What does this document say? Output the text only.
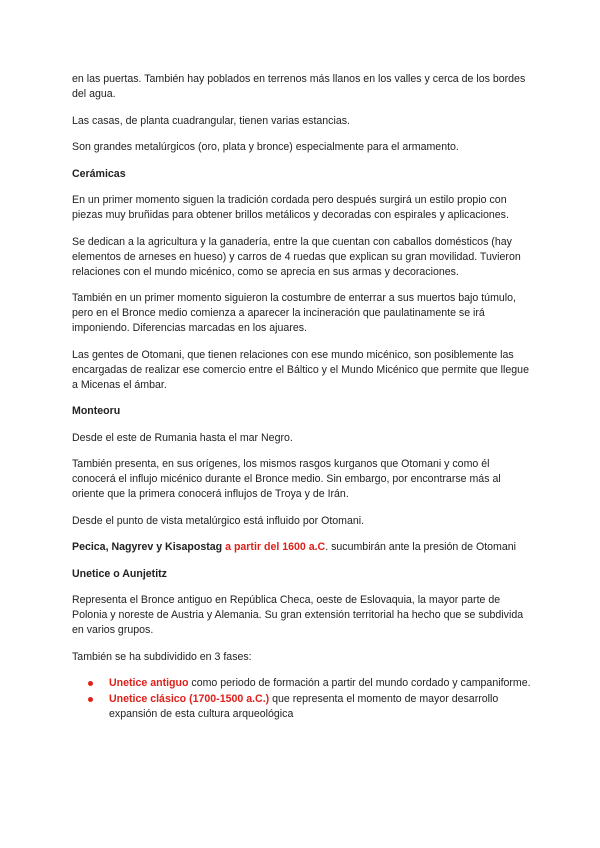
en las puertas. También hay poblados en terrenos más llanos en los valles y cerca de los bordes del agua.

Las casas, de planta cuadrangular, tienen varias estancias.

Son grandes metalúrgicos (oro, plata y bronce) especialmente para el armamento.

Cerámicas

En un primer momento siguen la tradición cordada pero después surgirá un estilo propio con piezas muy bruñidas para obtener brillos metálicos y decoradas con espirales y aplicaciones.

Se dedican a la agricultura y la ganadería, entre la que cuentan con caballos domésticos (hay elementos de arneses en hueso) y carros de 4 ruedas que explican su gran movilidad. Tuvieron relaciones con el mundo micénico, como se aprecia en sus armas y decoraciones.

También en un primer momento siguieron la costumbre de enterrar a sus muertos bajo túmulo, pero en el Bronce medio comienza a aparecer la incineración que paulatinamente se irá imponiendo. Diferencias marcadas en los ajuares.

Las gentes de Otomani, que tienen relaciones con ese mundo micénico, son posiblemente las encargadas de realizar ese comercio entre el Báltico y el Mundo Micénico que permite que llegue a Micenas el ámbar.

Monteoru

Desde el este de Rumania hasta el mar Negro.

También presenta, en sus orígenes, los mismos rasgos kurganos que Otomani y como él conocerá el influjo micénico durante el Bronce medio. Sin embargo, por encontrarse más al oriente que la primera conocerá influjos de Troya y de Irán.

Desde el punto de vista metalúrgico está influido por Otomani.

Pecica, Nagyrev y Kisapostag a partir del 1600 a.C. sucumbirán ante la presión de Otomani

Unetice o Aunjetitz

Representa el Bronce antiguo en República Checa, oeste de Eslovaquia, la mayor parte de Polonia y noreste de Austria y Alemania. Su gran extensión territorial ha hecho que se subdivida en varios grupos.

También se ha subdividido en 3 fases:

Unetice antiguo como periodo de formación a partir del mundo cordado y campaniforme.
Unetice clásico (1700-1500 a.C.) que representa el momento de mayor desarrollo expansión de esta cultura arqueológica
